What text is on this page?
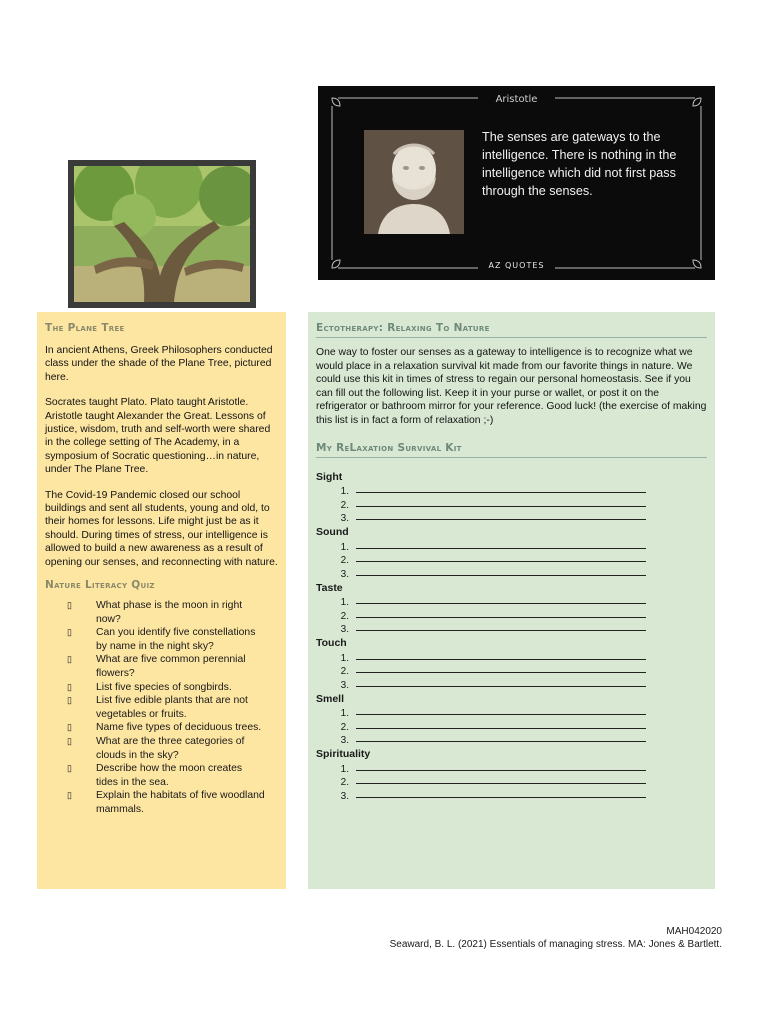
Aristotle
The senses are gateways to the intelligence. There is nothing in the intelligence which did not first pass through the senses.
AZ QUOTES
The Plane Tree

In ancient Athens, Greek Philosophers conducted class under the shade of the Plane Tree, pictured here.

Socrates taught Plato. Plato taught Aristotle. Aristotle taught Alexander the Great. Lessons of justice, wisdom, truth and self-worth were shared in the college setting of The Academy, in a symposium of Socratic questioning…in nature, under The Plane Tree.

The Covid-19 Pandemic closed our school buildings and sent all students, young and old, to their homes for lessons. Life might just be as it should. During times of stress, our intelligence is allowed to build a new awareness as a result of opening our senses, and reconnecting with nature.

Nature Literacy Quiz
▯	What phase is the moon in right now?
▯	Can you identify five constellations by name in the night sky?
▯	What are five common perennial flowers?
▯	List five species of songbirds.
▯	List five edible plants that are not vegetables or fruits.
▯	Name five types of deciduous trees.
▯	What are the three categories of clouds in the sky?
▯	Describe how the moon creates tides in the sea.
▯	Explain the habitats of five woodland mammals.
Ectotherapy: Relaxing To Nature

One way to foster our senses as a gateway to intelligence is to recognize what we would place in a relaxation survival kit made from our favorite things in nature. We could use this kit in times of stress to regain our personal homeostasis. See if you can fill out the following list. Keep it in your purse or wallet, or post it on the refrigerator or bathroom mirror for your reference. Good luck! (the exercise of making this list is in fact a form of relaxation ;-)

My ReLaxation Survival Kit
Sight
1.
2.
3.
Sound
1.
2.
3.
Taste
1.
2.
3.
Touch
1.
2.
3.
Smell
1.
2.
3.
Spirituality
1.
2.
3.
MAH042020
Seaward, B. L. (2021) Essentials of managing stress. MA: Jones & Bartlett.
